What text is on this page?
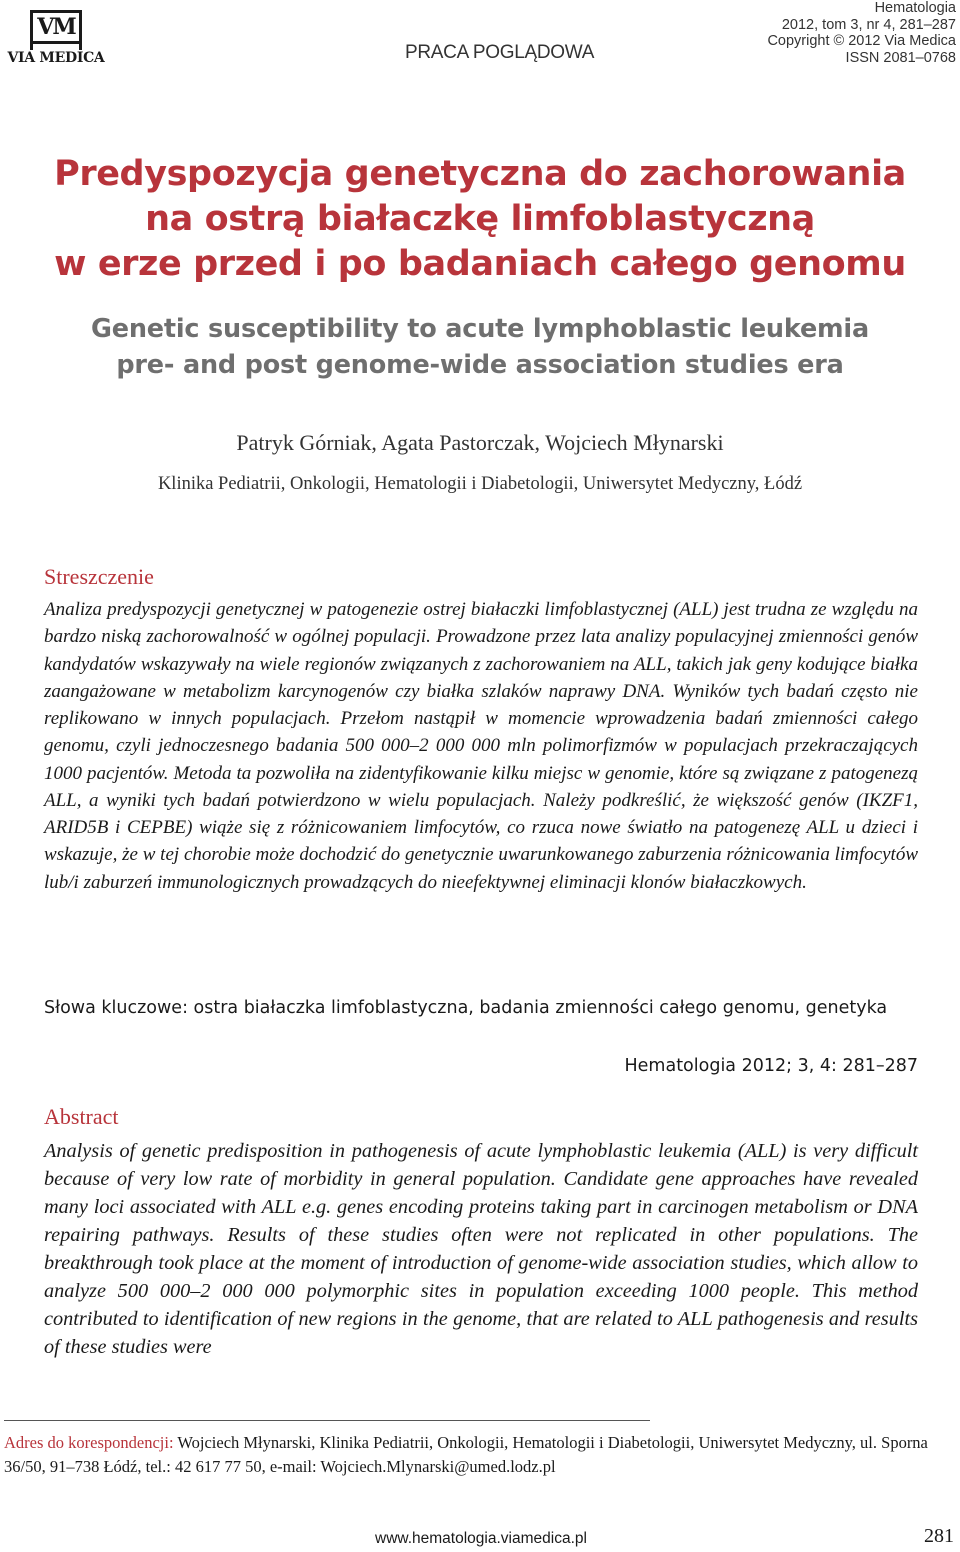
VM
VIA MEDICA	PRACA POGLĄDOWA
Hematologia
2012, tom 3, nr 4, 281–287
Copyright © 2012 Via Medica
ISSN 2081–0768
Predyspozycja genetyczna do zachorowania
na ostrą białaczkę limfoblastyczną
w erze przed i po badaniach całego genomu
Genetic susceptibility to acute lymphoblastic leukemia
pre- and post genome-wide association studies era
Patryk Górniak, Agata Pastorczak, Wojciech Młynarski
Klinika Pediatrii, Onkologii, Hematologii i Diabetologii, Uniwersytet Medyczny, Łódź
Streszczenie
Analiza predyspozycji genetycznej w patogenezie ostrej białaczki limfoblastycznej (ALL) jest trudna ze względu na bardzo niską zachorowalność w ogólnej populacji. Prowadzone przez lata analizy populacyjnej zmienności genów kandydatów wskazywały na wiele regionów związanych z zachorowaniem na ALL, takich jak geny kodujące białka zaangażowane w metabolizm karcynogenów czy białka szlaków naprawy DNA. Wyników tych badań często nie replikowano w innych populacjach. Przełom nastąpił w momencie wprowadzenia badań zmienności całego genomu, czyli jednoczesnego badania 500 000–2 000 000 mln polimorfizmów w populacjach przekraczających 1000 pacjentów. Metoda ta pozwoliła na zidentyfikowanie kilku miejsc w genomie, które są związane z patogenezą ALL, a wyniki tych badań potwierdzono w wielu populacjach. Należy podkreślić, że większość genów (IKZF1, ARID5B i CEPBE) wiąże się z różnicowaniem limfocytów, co rzuca nowe światło na patogenezę ALL u dzieci i wskazuje, że w tej chorobie może dochodzić do genetycznie uwarunkowanego zaburzenia różnicowania limfocytów lub/i zaburzeń immunologicznych prowadzących do nieefektywnej eliminacji klonów białaczkowych.
Słowa kluczowe: ostra białaczka limfoblastyczna, badania zmienności całego genomu, genetyka
Hematologia 2012; 3, 4: 281–287
Abstract
Analysis of genetic predisposition in pathogenesis of acute lymphoblastic leukemia (ALL) is very difficult because of very low rate of morbidity in general population. Candidate gene approaches have revealed many loci associated with ALL e.g. genes encoding proteins taking part in carcinogen metabolism or DNA repairing pathways. Results of these studies often were not replicated in other populations. The breakthrough took place at the moment of introduction of genome-wide association studies, which allow to analyze 500 000–2 000 000 polymorphic sites in population exceeding 1000 people. This method contributed to identification of new regions in the genome, that are related to ALL pathogenesis and results of these studies were
Adres do korespondencji: Wojciech Młynarski, Klinika Pediatrii, Onkologii, Hematologii i Diabetologii, Uniwersytet Medyczny, ul. Sporna 36/50, 91–738 Łódź, tel.: 42 617 77 50, e-mail: Wojciech.Mlynarski@umed.lodz.pl
www.hematologia.viamedica.pl	281
